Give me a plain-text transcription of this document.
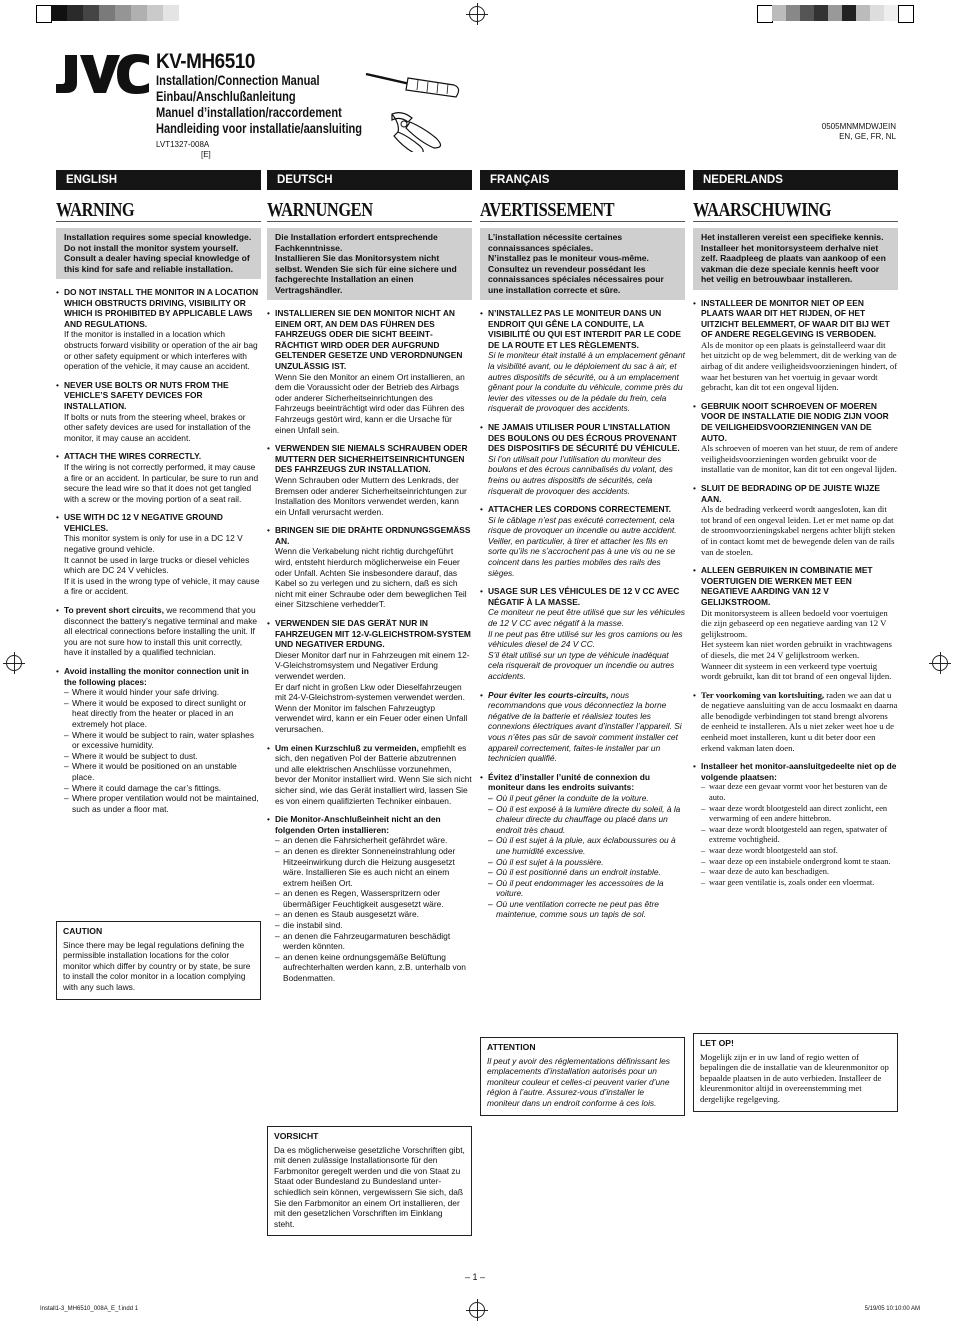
KV-MH6510
Installation/Connection Manual
Einbau/Anschlußanleitung
Manuel d’installation/raccordement
Handleiding voor installatie/aansluiting
LVT1327-008A
[E]
0505MNMMDWJEIN
EN, GE, FR, NL
ENGLISH
WARNING
Installation requires some special knowledge.
Do not install the monitor system yourself. Consult a dealer having special knowledge of this kind for safe and reliable installation.
• DO NOT INSTALL THE MONITOR IN A LOCATION WHICH OBSTRUCTS DRIVING, VISIBILITY OR WHICH IS PROHIBITED BY APPLICABLE LAWS AND REGULATIONS.
If the monitor is installed in a location which obstructs forward visibility or operation of the air bag or other safety equipment or which interferes with operation of the vehicle, it may cause an accident.
• NEVER USE BOLTS OR NUTS FROM THE VEHICLE’S SAFETY DEVICES FOR INSTALLATION.
If bolts or nuts from the steering wheel, brakes or other safety devices are used for installation of the monitor, it may cause an accident.
• ATTACH THE WIRES CORRECTLY.
If the wiring is not correctly performed, it may cause a fire or an accident. In particular, be sure to run and secure the lead wire so that it does not get tangled with a screw or the moving portion of a seat rail.
• USE WITH DC 12 V NEGATIVE GROUND VEHICLES.
This monitor system is only for use in a DC 12 V negative ground vehicle.
It cannot be used in large trucks or diesel vehicles which are DC 24 V vehicles.
If it is used in the wrong type of vehicle, it may cause a fire or accident.
• To prevent short circuits, we recommend that you disconnect the battery’s negative terminal and make all electrical connections before installing the unit. If you are not sure how to install this unit correctly, have it installed by a qualified technician.
• Avoid installing the monitor connection unit in the following places:
– Where it would hinder your safe driving.
– Where it would be exposed to direct sunlight or heat directly from the heater or placed in an extremely hot place.
– Where it would be subject to rain, water splashes or excessive humidity.
– Where it would be subject to dust.
– Where it would be positioned on an unstable place.
– Where it could damage the car’s fittings.
– Where proper ventilation would not be maintained, such as under a floor mat.
CAUTION
Since there may be legal regulations defining the permissible installation locations for the color monitor which differ by country or by state, be sure to install the color monitor in a location complying with any such laws.
DEUTSCH
WARNUNGEN
Die Installation erfordert entsprechende Fachkenntnisse.
Installieren Sie das Monitorsystem nicht selbst. Wenden Sie sich für eine sichere und fachgerechte Installation an einen Vertragshändler.
• INSTALLIEREN SIE DEN MONITOR NICHT AN EINEM ORT, AN DEM DAS FÜHREN DES FAHRZEUGS ODER DIE SICHT BEEINTRÄCHTIGT WIRD ODER DER AUFGRUND GELTENDER GESETZE UND VERORDNUNGEN UNZULÄSSIG IST.
Wenn Sie den Monitor an einem Ort installieren, an dem die Voraussicht oder der Betrieb des Airbags oder anderer Sicherheitseinrichtungen des Fahrzeugs beeinträchtigt wird oder das Führen des Fahrzeugs gestört wird, kann er die Ursache für einen Unfall sein.
• VERWENDEN SIE NIEMALS SCHRAUBEN ODER MUTTERN DER SICHERHEITSEINRICHTUNGEN DES FAHRZEUGS ZUR INSTALLATION.
Wenn Schrauben oder Muttern des Lenkrads, der Bremsen oder anderer Sicherheitseinrichtungen zur Installation des Monitors verwendet werden, kann ein Unfall verursacht werden.
• BRINGEN SIE DIE DRÄHTE ORDNUNGSGEMÄSS AN.
Wenn die Verkabelung nicht richtig durchgeführt wird, entsteht hierdurch möglicherweise ein Feuer oder Unfall. Achten Sie insbesondere darauf, das Kabel so zu verlegen und zu sichern, daß es sich nicht mit einer Schraube oder dem beweglichen Teil einer Sitzschiene verhedderT.
• VERWENDEN SIE DAS GERÄT NUR IN FAHRZEUGEN MIT 12-V-GLEICHSTROM-SYSTEM UND NEGATIVER ERDUNG.
Dieser Monitor darf nur in Fahrzeugen mit einem 12-V-Gleichstromsystem und Negativer Erdung verwendet werden.
Er darf nicht in großen Lkw oder Dieselfahrzeugen mit 24-V-Gleichstrom-systemen verwendet werden.
Wenn der Monitor im falschen Fahrzeugtyp verwendet wird, kann er ein Feuer oder einen Unfall verursachen.
• Um einen Kurzschluß zu vermeiden, empfiehlt es sich, den negativen Pol der Batterie abzutrennen und alle elektrischen Anschlüsse vorzunehmen, bevor der Monitor installiert wird. Wenn Sie sich nicht sicher sind, wie das Gerät installiert wird, lassen Sie es von einem qualifizierten Techniker einbauen.
• Die Monitor-Anschlußeinheit nicht an den folgenden Orten installieren:
– an denen die Fahrsicherheit gefährdet wäre.
– an denen es direkter Sonneneinstrahlung oder Hitzeeinwirkung durch die Heizung ausgesetzt wäre. Installieren Sie es auch nicht an einem extrem heißen Ort.
– an denen es Regen, Wasserspritzern oder übermäßiger Feuchtigkeit ausgesetzt wäre.
– an denen es Staub ausgesetzt wäre.
– die instabil sind.
– an denen die Fahrzeugarmaturen beschädigt werden könnten.
– an denen keine ordnungsgemäße Belüftung aufrechterhalten werden kann, z.B. unterhalb von Bodenmatten.
VORSICHT
Da es möglicherweise gesetzliche Vorschriften gibt, mit denen zulässige Installationsorte für den Farbmonitor geregelt werden und die von Staat zu Staat oder Bundesland zu Bundesland unterschiedlich sein können, vergewissern Sie sich, daß Sie den Farbmonitor an einem Ort installieren, der mit den gesetzlichen Vorschriften im Einklang steht.
FRANÇAIS
AVERTISSEMENT
L’installation nécessite certaines connaissances spéciales.
N’installez pas le moniteur vous-même. Consultez un revendeur possédant les connaissances spéciales nécessaires pour une installation correcte et sûre.
• N’INSTALLEZ PAS LE MONITEUR DANS UN ENDROIT QUI GÊNE LA CONDUITE, LA VISIBILITÉ OU QUI EST INTERDIT PAR LE CODE DE LA ROUTE ET LES RÈGLEMENTS.
Si le moniteur était installé à un emplacement gênant la visibilité avant, ou le déploiement du sac à air, et autres dispositifs de sécurité, ou à un emplacement gênant pour la conduite du véhicule, comme près du levier des vitesses ou de la pédale du frein, cela risquerait de provoquer des accidents.
• NE JAMAIS UTILISER POUR L’INSTALLATION DES BOULONS OU DES ÉCROUS PROVENANT DES DISPOSITIFS DE SÉCURITÉ DU VÉHICULE.
Si l’on utilisait pour l’utilisation du moniteur des boulons et des écrous cannibalisés du volant, des freins ou autres dispositifs de sécurités, cela risquerait de provoquer des accidents.
• ATTACHER LES CORDONS CORRECTEMENT.
Si le câblage n’est pas exécuté correctement, cela risque de provoquer un incendie ou autre accident. Veiller, en particulier, à tirer et attacher les fils en sorte qu’ils ne s’accrochent pas à une vis ou ne se coincent dans les parties mobiles des rails des sièges.
• USAGE SUR LES VÉHICULES DE 12 V CC AVEC NÉGATIF À LA MASSE.
Ce moniteur ne peut être utilisé que sur les véhicules de 12 V CC avec négatif à la masse.
Il ne peut pas être utilisé sur les gros camions ou les véhicules diesel de 24 V CC.
S’il était utilisé sur un type de véhicule inadéquat cela risquerait de provoquer un incendie ou autres accidents.
• Pour éviter les courts-circuits, nous recommandons que vous déconnectiez la borne négative de la batterie et réalisiez toutes les connexions électriques avant d’installer l’appareil. Si vous n’êtes pas sûr de savoir comment installer cet appareil correctement, faites-le installer par un technicien qualifié.
• Évitez d’installer l’unité de connexion du moniteur dans les endroits suivants:
– Où il peut gêner la conduite de la voiture.
– Où il est exposé à la lumière directe du soleil, à la chaleur directe du chauffage ou placé dans un endroit très chaud.
– Où il est sujet à la pluie, aux éclaboussures ou à une humidité excessive.
– Où il est sujet à la poussière.
– Où il est positionné dans un endroit instable.
– Où il peut endommager les accessoires de la voiture.
– Où une ventilation correcte ne peut pas être maintenue, comme sous un tapis de sol.
ATTENTION
Il peut y avoir des réglementations définissant les emplacements d’installation autorisés pour un moniteur couleur et celles-ci peuvent varier d’une région à l’autre. Assurez-vous d’installer le moniteur dans un endroit conforme à ces lois.
NEDERLANDS
WAARSCHUWING
Het installeren vereist een specifieke kennis.
Installeer het monitorsysteem derhalve niet zelf. Raadpleeg de plaats van aankoop of een vakman die deze speciale kennis heeft voor het veilig en betrouwbaar installeren.
• INSTALLEER DE MONITOR NIET OP EEN PLAATS WAAR DIT HET RIJDEN, OF HET UITZICHT BELEMMERT, OF WAAR DIT BIJ WET OF ANDERE REGELGEVING IS VERBODEN.
Als de monitor op een plaats is geïnstalleerd waar dit het uitzicht op de weg belemmert, dit de werking van de airbag of dit andere veiligheidsvoorzieningen hindert, of waar het besturen van het voertuig in gevaar wordt gebracht, kan dit tot een ongeval lijden.
• GEBRUIK NOOIT SCHROEVEN OF MOEREN VOOR DE INSTALLATIE DIE NODIG ZIJN VOOR DE VEILIGHEIDSVOORZIENINGEN VAN DE AUTO.
Als schroeven of moeren van het stuur, de rem of andere veiligheidsvoorzieningen worden gebruikt voor de installatie van de monitor, kan dit tot een ongeval lijden.
• SLUIT DE BEDRADING OP DE JUISTE WIJZE AAN.
Als de bedrading verkeerd wordt aangesloten, kan dit tot brand of een ongeval leiden. Let er met name op dat de stroomvoorzieningskabel nergens achter blijft steken of in contact komt met de bewegende delen van de rails van de stoelen.
• ALLEEN GEBRUIKEN IN COMBINATIE MET VOERTUIGEN DIE WERKEN MET EEN NEGATIEVE AARDING VAN 12 V GELIJKSTROOM.
Dit monitorsysteem is alleen bedoeld voor voertuigen die zijn gebaseerd op een negatieve aarding van 12 V gelijkstroom.
Het systeem kan niet worden gebruikt in vrachtwagens of diesels, die met 24 V gelijkstroom werken.
Wanneer dit systeem in een verkeerd type voertuig wordt gebruikt, kan dit tot brand of een ongeval lijden.
• Ter voorkoming van kortsluiting, raden we aan dat u de negatieve aansluiting van de accu losmaakt en daarna alle benodigde verbindingen tot stand brengt alvorens de eenheid te installeren. Als u niet zeker weet hoe u de eenheid moet installeren, kunt u dit beter door een erkend vakman laten doen.
• Installeer het monitor-aansluitgedeelte niet op de volgende plaatsen:
– waar deze een gevaar vormt voor het besturen van de auto.
– waar deze wordt blootgesteld aan direct zonlicht, een verwarming of een andere hittebron.
– waar deze wordt blootgesteld aan regen, spatwater of extreme vochtigheid.
– waar deze wordt blootgesteld aan stof.
– waar deze op een instabiele ondergrond komt te staan.
– waar deze de auto kan beschadigen.
– waar geen ventilatie is, zoals onder een vloermat.
LET OP!
Mogelijk zijn er in uw land of regio wetten of bepalingen die de installatie van de kleurenmonitor op bepaalde plaatsen in de auto verbieden. Installeer de kleurenmonitor altijd in overeenstemming met dergelijke regelgeving.
– 1 –
Install1-3_MH6510_008A_E_f.indd 1	5/19/05 10:10:00 AM
